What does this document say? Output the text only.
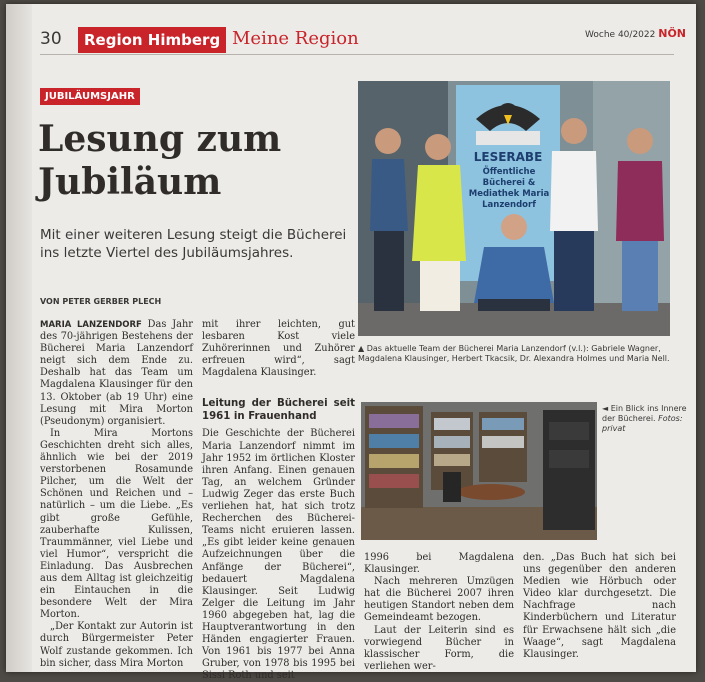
30	Region Himberg Meine Region	Woche 40/2022 NÖN
JUBILÄUMSJAHR
Lesung zum Jubiläum

Mit einer weiteren Lesung steigt die Bücherei ins letzte Viertel des Jubiläumsjahres.

VON PETER GERBER PLECH

MARIA LANZENDORF Das Jahr des 70-jährigen Bestehens der Bücherei Maria Lanzendorf neigt sich dem Ende zu. Deshalb hat das Team um Magdalena Klausinger für den 13. Oktober (ab 19 Uhr) eine Lesung mit Mira Morton (Pseudonym) organisiert.

In Mira Mortons Geschichten dreht sich alles, ähnlich wie bei der 2019 verstorbenen Rosamunde Pilcher, um die Welt der Schönen und Reichen und – natürlich – um die Liebe. „Es gibt große Gefühle, zauberhafte Kulissen, Traummänner, viel Liebe und viel Humor“, verspricht die Einladung. Das Ausbrechen aus dem Alltag ist gleichzeitig ein Eintauchen in die besondere Welt der Mira Morton.

„Der Kontakt zur Autorin ist durch Bürgermeister Peter Wolf zustande gekommen. Ich bin sicher, dass Mira Morton

mit ihrer leichten, gut lesbaren Kost viele Zuhörerinnen und Zuhörer erfreuen wird“, sagt Magdalena Klausinger.

Leitung der Bücherei seit 1961 in Frauenhand

Die Geschichte der Bücherei Maria Lanzendorf nimmt im Jahr 1952 im örtlichen Kloster ihren Anfang. Einen genauen Tag, an welchem Gründer Ludwig Zeger das erste Buch verliehen hat, hat sich trotz Recherchen des Bücherei-Teams nicht eruieren lassen. „Es gibt leider keine genauen Aufzeichnungen über die Anfänge der Bücherei“, bedauert Magdalena Klausinger. Seit Ludwig Zelger die Leitung im Jahr 1960 abgegeben hat, lag die Hauptverantwortung in den Händen engagierter Frauen. Von 1961 bis 1977 bei Anna Gruber, von 1978 bis 1995 bei Sissi Roth und seit

LESERABE
Öffentliche Bücherei & Mediathek Maria Lanzendorf

▲ Das aktuelle Team der Bücherei Maria Lanzendorf (v.l.): Gabriele Wagner, Magdalena Klausinger, Herbert Tkacsik, Dr. Alexandra Holmes und Maria Nell.

◄ Ein Blick ins Innere der Bücherei. Fotos: privat

1996 bei Magdalena Klausinger.

Nach mehreren Umzügen hat die Bücherei 2007 ihren heutigen Standort neben dem Gemeindeamt bezogen.

Laut der Leiterin sind es vorwiegend Bücher in klassischer Form, die verliehen wer-

den. „Das Buch hat sich bei uns gegenüber den anderen Medien wie Hörbuch oder Video klar durchgesetzt. Die Nachfrage nach Kinderbüchern und Literatur für Erwachsene hält sich „die Waage“, sagt Magdalena Klausinger.
